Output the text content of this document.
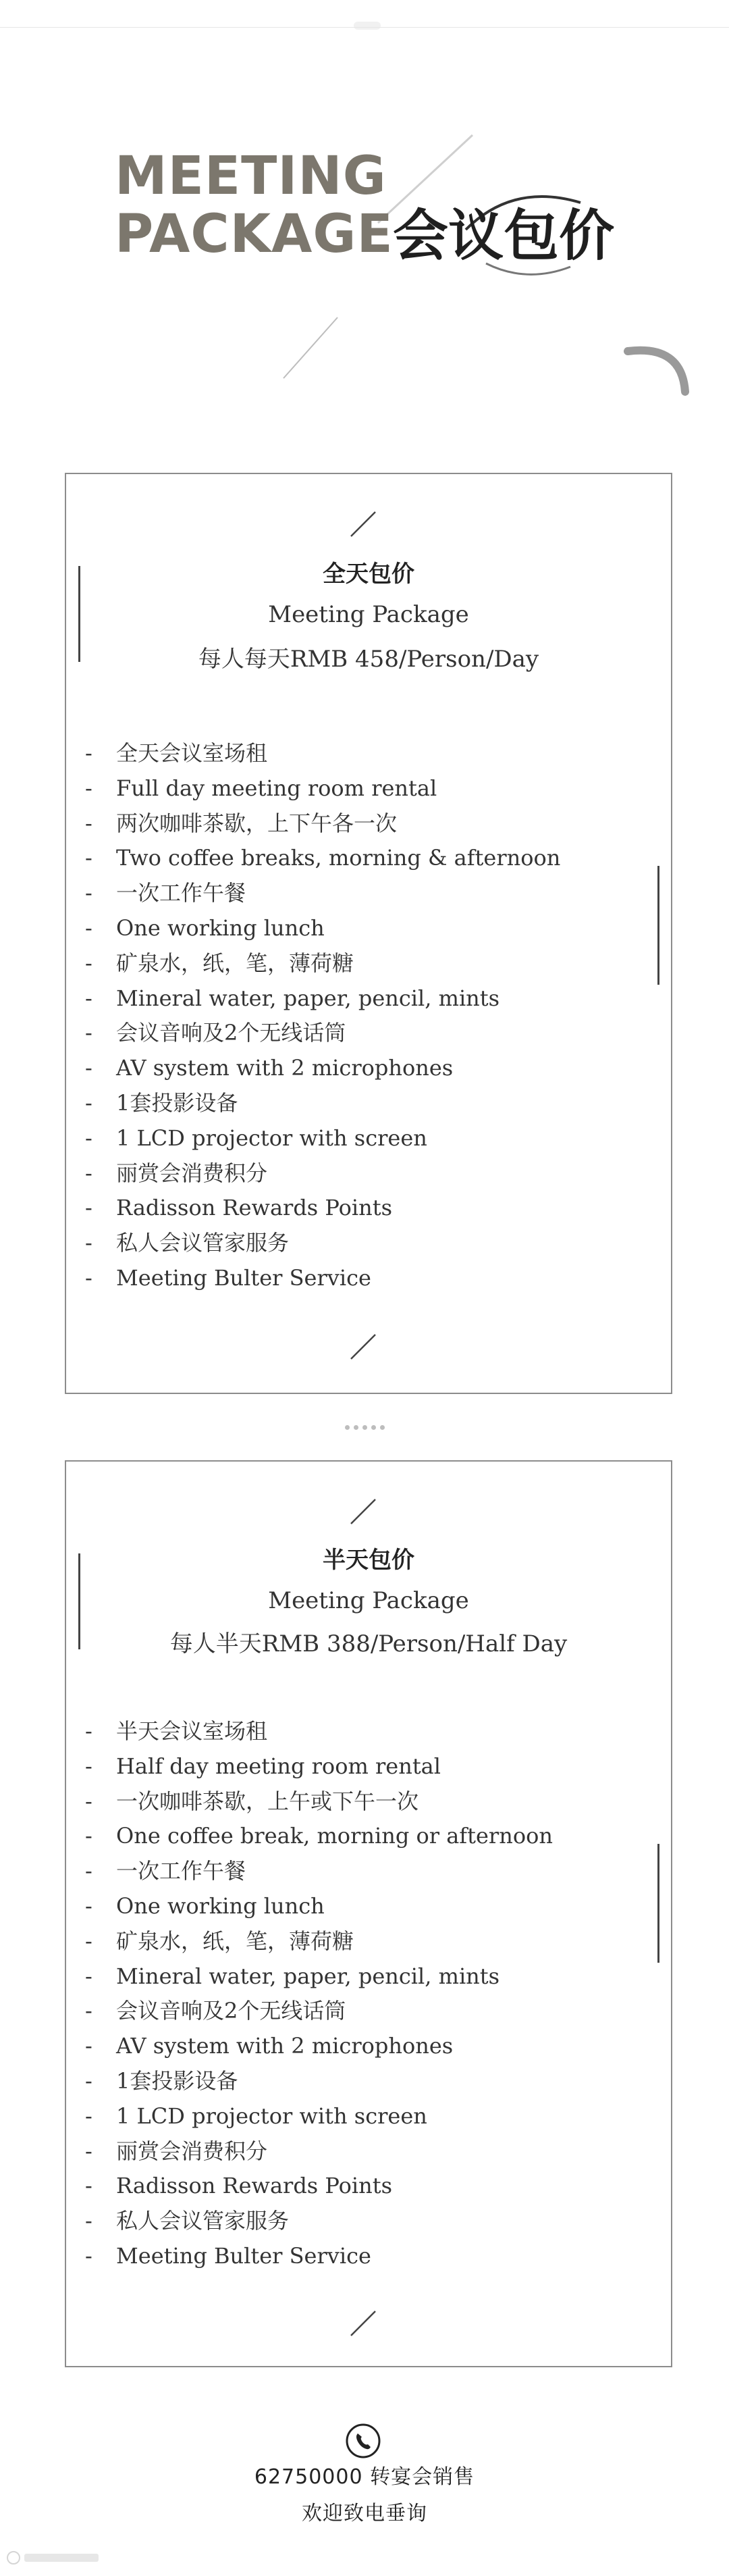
MEETING
PACKAGE 会议包价
全天包价
Meeting Package
每人每天RMB 458/Person/Day
- 全天会议室场租
- Full day meeting room rental
- 两次咖啡茶歇，上下午各一次
- Two coffee breaks, morning & afternoon
- 一次工作午餐
- One working lunch
- 矿泉水，纸，笔，薄荷糖
- Mineral water, paper, pencil, mints
- 会议音响及2个无线话筒
- AV system with 2 microphones
- 1套投影设备
- 1 LCD projector with screen
- 丽赏会消费积分
- Radisson Rewards Points
- 私人会议管家服务
- Meeting Bulter Service
半天包价
Meeting Package
每人半天RMB 388/Person/Half Day
- 半天会议室场租
- Half day meeting room rental
- 一次咖啡茶歇，上午或下午一次
- One coffee break, morning or afternoon
- 一次工作午餐
- One working lunch
- 矿泉水，纸，笔，薄荷糖
- Mineral water, paper, pencil, mints
- 会议音响及2个无线话筒
- AV system with 2 microphones
- 1套投影设备
- 1 LCD projector with screen
- 丽赏会消费积分
- Radisson Rewards Points
- 私人会议管家服务
- Meeting Bulter Service
62750000 转宴会销售
欢迎致电垂询
